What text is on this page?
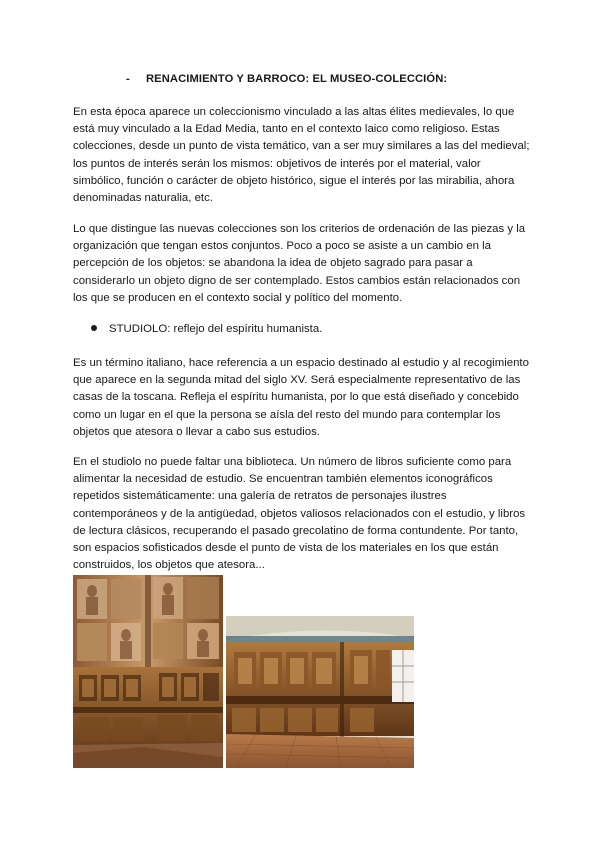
- RENACIMIENTO Y BARROCO: EL MUSEO-COLECCIÓN:

En esta época aparece un coleccionismo vinculado a las altas élites medievales, lo que está muy vinculado a la Edad Media, tanto en el contexto laico como religioso. Estas colecciones, desde un punto de vista temático, van a ser muy similares a las del medieval; los puntos de interés serán los mismos: objetivos de interés por el material, valor simbólico, función o carácter de objeto histórico, sigue el interés por las mirabilia, ahora denominadas naturalia, etc.

Lo que distingue las nuevas colecciones son los criterios de ordenación de las piezas y la organización que tengan estos conjuntos. Poco a poco se asiste a un cambio en la percepción de los objetos: se abandona la idea de objeto sagrado para pasar a considerarlo un objeto digno de ser contemplado. Estos cambios están relacionados con los que se producen en el contexto social y político del momento.

STUDIOLO: reflejo del espíritu humanista.

Es un término italiano, hace referencia a un espacio destinado al estudio y al recogimiento que aparece en la segunda mitad del siglo XV. Será especialmente representativo de las casas de la toscana. Refleja el espíritu humanista, por lo que está diseñado y concebido como un lugar en el que la persona se aísla del resto del mundo para contemplar los objetos que atesora o llevar a cabo sus estudios.

En el studiolo no puede faltar una biblioteca. Un número de libros suficiente como para alimentar la necesidad de estudio. Se encuentran también elementos iconográficos repetidos sistemáticamente: una galería de retratos de personajes ilustres contemporáneos y de la antigüedad, objetos valiosos relacionados con el estudio, y libros de lectura clásicos, recuperando el pasado grecolatino de forma contundente. Por tanto, son espacios sofisticados desde el punto de vista de los materiales en los que están construidos, los objetos que atesora...
